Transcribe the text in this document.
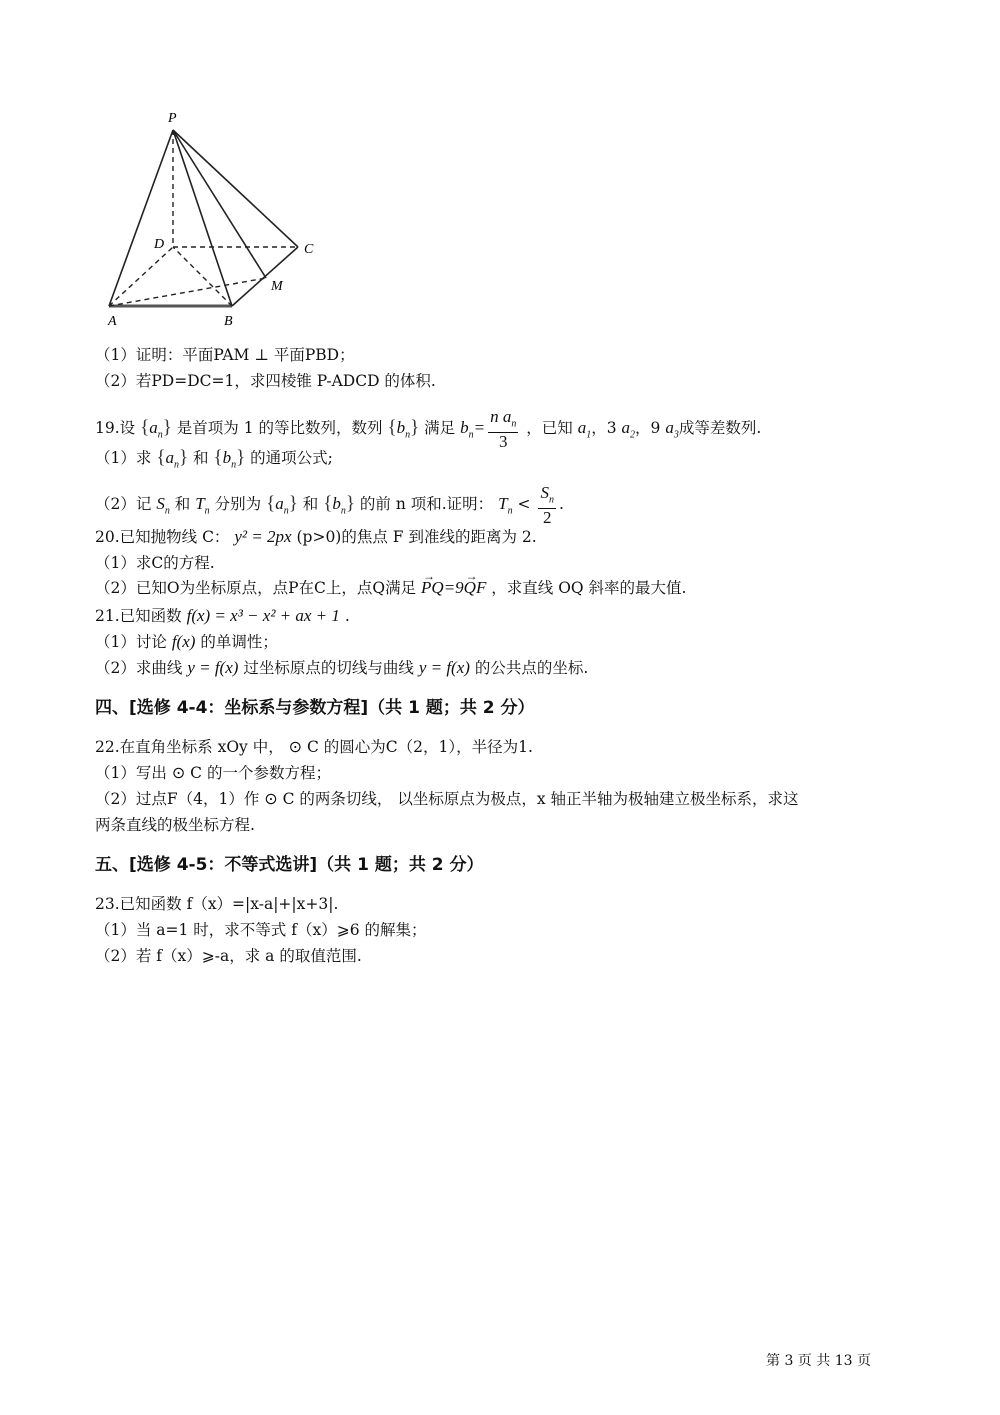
P
D	C
M
A	B
（1）证明：平面PAM ⊥ 平面PBD；
（2）若PD=DC=1，求四棱锥 P-ADCD 的体积.
19.设 $\{a_n\}$ 是首项为 1 的等比数列，数列 $\{b_n\}$ 满足 $b_n= \frac{n a_n}{3}$ ，已知 $a_1$，3 $a_2$，9 $a_3$成等差数列.
（1）求 $\{a_n\}$ 和 $\{b_n\}$ 的通项公式;
（2）记 $S_n$ 和 $T_n$ 分别为 $\{a_n\}$ 和 $\{b_n\}$ 的前 n 项和.证明： $T_n < \frac{S_n}{2}$ .
20.已知抛物线 C： y² = 2px (p>0)的焦点 F 到准线的距离为 2.
（1）求C的方程.
（2）已知O为坐标原点，点P在C上，点Q满足 → PQ=9→ QF ，求直线 OQ 斜率的最大值.
21.已知函数 f(x) = x³ − x² + ax + 1 .
（1）讨论 f(x) 的单调性；
（2）求曲线 y = f(x) 过坐标原点的切线与曲线 y = f(x) 的公共点的坐标.
四、[选修 4-4：坐标系与参数方程]（共 1 题；共 2 分）
22.在直角坐标系 xOy 中， ⊙ C 的圆心为C（2，1），半径为1.
（1）写出 ⊙ C 的一个参数方程；
（2）过点F（4，1）作 ⊙ C 的两条切线， 以坐标原点为极点，x 轴正半轴为极轴建立极坐标系，求这
两条直线的极坐标方程.
五、[选修 4-5：不等式选讲]（共 1 题；共 2 分）
23.已知函数 f（x）=|x-a|+|x+3|.
（1）当 a=1 时，求不等式 f（x）⩾6 的解集；
（2）若 f（x）⩾-a，求 a 的取值范围.
第 3 页 共 13 页
